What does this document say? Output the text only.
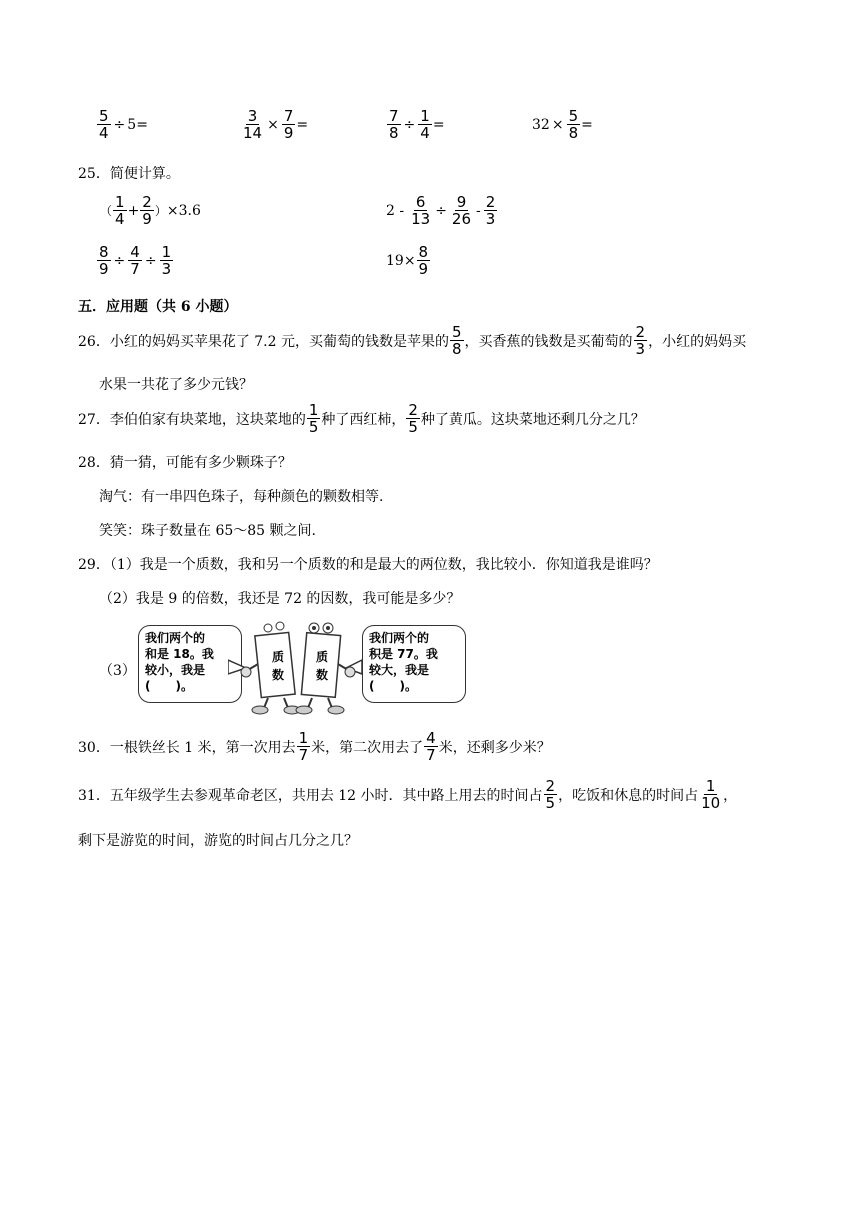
$\frac{5}{4} \div 5$ =	$\frac{3}{14} \times \frac{7}{9}$ =	$\frac{7}{8} \div \frac{1}{4}$ =	$32 \times \frac{5}{8}$ =
25．简便计算。
（ $\frac{1}{4} + \frac{2}{9}$ ） ×3.6	$2 - \frac{6}{13} \div \frac{9}{26} - \frac{2}{3}$
$\frac{8}{9} \div \frac{4}{7} \div \frac{1}{3}$	$19\times \frac{8}{9}$
五．应用题（共 6 小题）
26．小红的妈妈买苹果花了 7.2 元，买葡萄的钱数是苹果的 $\frac{5}{8}$ ，买香蕉的钱数是买葡萄的 $\frac{2}{3}$ ，小红的妈妈买
水果一共花了多少元钱？
27．李伯伯家有块菜地，这块菜地的 $\frac{1}{5}$ 种了西红柿， $\frac{2}{5}$ 种了黄瓜。这块菜地还剩几分之几？
28．猜一猜，可能有多少颗珠子？
淘气：有一串四色珠子，每种颜色的颗数相等.
笑笑：珠子数量在 65～85 颗之间.
29．（1）我是一个质数，我和另一个质数的和是最大的两位数，我比较小．你知道我是谁吗？
（2）我是 9 的倍数，我还是 72 的因数，我可能是多少？
（3）
我们两个的
和是 18。我
较小，我是
(      )。
我们两个的
积是 77。我
较大，我是
(      )。
质
数
质
数
30．一根铁丝长 1 米，第一次用去 $\frac{1}{7}$ 米，第二次用去了 $\frac{4}{7}$ 米，还剩多少米？
31．五年级学生去参观革命老区，共用去 12 小时．其中路上用去的时间占 $\frac{2}{5}$ ，吃饭和休息的时间占 $\frac{1}{10}$ ，
剩下是游览的时间，游览的时间占几分之几？
